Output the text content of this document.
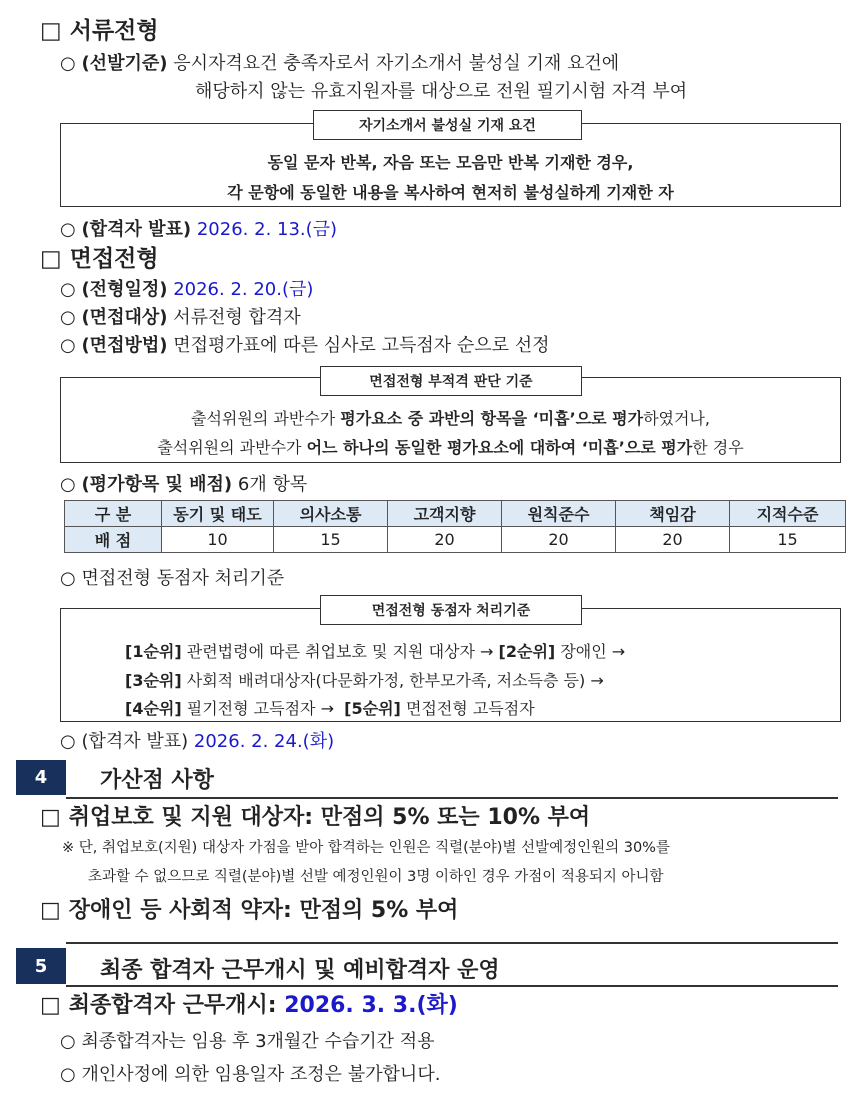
□ 서류전형
○ (선발기준) 응시자격요건 충족자로서 자기소개서 불성실 기재 요건에
해당하지 않는 유효지원자를 대상으로 전원 필기시험 자격 부여
동일 문자 반복, 자음 또는 모음만 반복 기재한 경우,
각 문항에 동일한 내용을 복사하여 현저히 불성실하게 기재한 자
자기소개서 불성실 기재 요건
○ (합격자 발표) 2026. 2. 13.(금)
□ 면접전형
○ (전형일정) 2026. 2. 20.(금)
○ (면접대상) 서류전형 합격자
○ (면접방법) 면접평가표에 따른 심사로 고득점자 순으로 선정
출석위원의 과반수가 평가요소 중 과반의 항목을 ‘미흡’으로 평가하였거나,
출석위원의 과반수가 어느 하나의 동일한 평가요소에 대하여 ‘미흡’으로 평가한 경우
면접전형 부적격 판단 기준
○ (평가항목 및 배점) 6개 항목
구 분	동기 및 태도	의사소통	고객지향	원칙준수	책임감	지적수준
배 점	10	15	20	20	20	15
○ 면접전형 동점자 처리기준
[1순위] 관련법령에 따른 취업보호 및 지원 대상자 → [2순위] 장애인 →
[3순위] 사회적 배려대상자(다문화가정, 한부모가족, 저소득층 등) →
[4순위] 필기전형 고득점자 → [5순위] 면접전형 고득점자
면접전형 동점자 처리기준
○ (합격자 발표) 2026. 2. 24.(화)
4	가산점 사항
□ 취업보호 및 지원 대상자: 만점의 5% 또는 10% 부여
※ 단, 취업보호(지원) 대상자 가점을 받아 합격하는 인원은 직렬(분야)별 선발예정인원의 30%를
초과할 수 없으므로 직렬(분야)별 선발 예정인원이 3명 이하인 경우 가점이 적용되지 아니함
□ 장애인 등 사회적 약자: 만점의 5% 부여
5	최종 합격자 근무개시 및 예비합격자 운영
□ 최종합격자 근무개시: 2026. 3. 3.(화)
○ 최종합격자는 임용 후 3개월간 수습기간 적용
○ 개인사정에 의한 임용일자 조정은 불가합니다.
